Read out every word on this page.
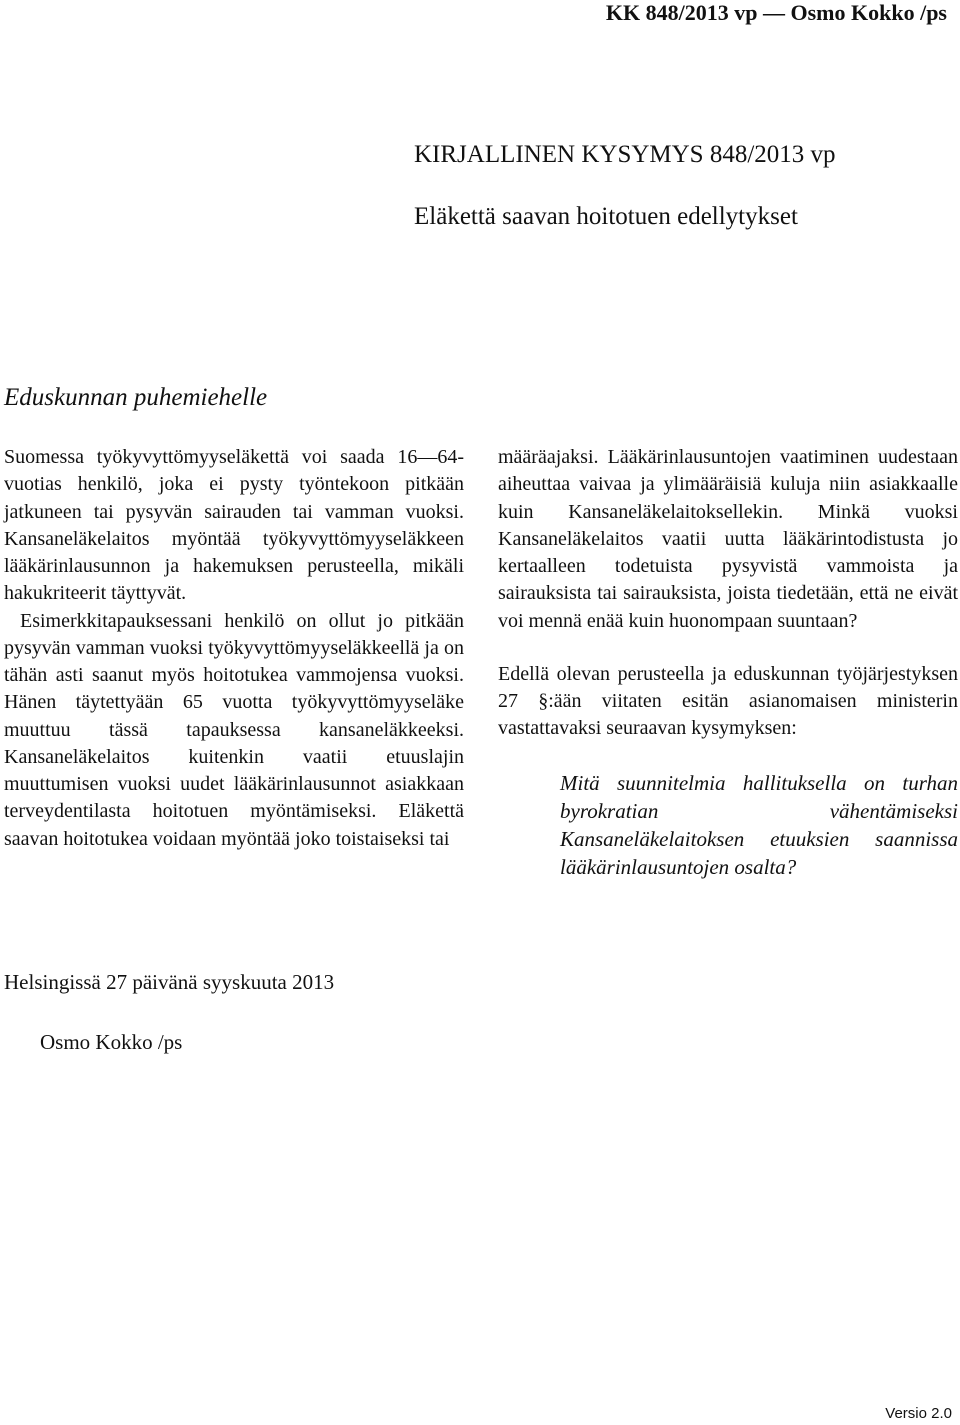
KK 848/2013 vp — Osmo Kokko /ps
KIRJALLINEN KYSYMYS 848/2013 vp
Eläkettä saavan hoitotuen edellytykset
Eduskunnan puhemiehelle

Suomessa työkyvyttömyyseläkettä voi saada 16—64-vuotias henkilö, joka ei pysty työntekoon pitkään jatkuneen tai pysyvän sairauden tai vamman vuoksi. Kansaneläkelaitos myöntää työkyvyttömyyseläkkeen lääkärinlausunnon ja hakemuksen perusteella, mikäli hakukriteerit täyttyvät.

Esimerkkitapauksessani henkilö on ollut jo pitkään pysyvän vamman vuoksi työkyvyttömyyseläkkeellä ja on tähän asti saanut myös hoitotukea vammojensa vuoksi. Hänen täytettyään 65 vuotta työkyvyttömyyseläke muuttuu tässä tapauksessa kansaneläkkeeksi. Kansaneläkelaitos kuitenkin vaatii etuuslajin muuttumisen vuoksi uudet lääkärinlausunnot asiakkaan terveydentilasta hoitotuen myöntämiseksi. Eläkettä saavan hoitotukea voidaan myöntää joko toistaiseksi tai

määräajaksi. Lääkärinlausuntojen vaatiminen uudestaan aiheuttaa vaivaa ja ylimääräisiä kuluja niin asiakkaalle kuin Kansaneläkelaitoksellekin. Minkä vuoksi Kansaneläkelaitos vaatii uutta lääkärintodistusta jo kertaalleen todetuista pysyvistä vammoista ja sairauksista tai sairauksista, joista tiedetään, että ne eivät voi mennä enää kuin huonompaan suuntaan?

Edellä olevan perusteella ja eduskunnan työjärjestyksen 27 §:ään viitaten esitän asianomaisen ministerin vastattavaksi seuraavan kysymyksen:

Mitä suunnitelmia hallituksella on turhan byrokratian vähentämiseksi Kansaneläkelaitoksen etuuksien saannissa lääkärinlausuntojen osalta?

Helsingissä 27 päivänä syyskuuta 2013
Osmo Kokko /ps
Versio 2.0
